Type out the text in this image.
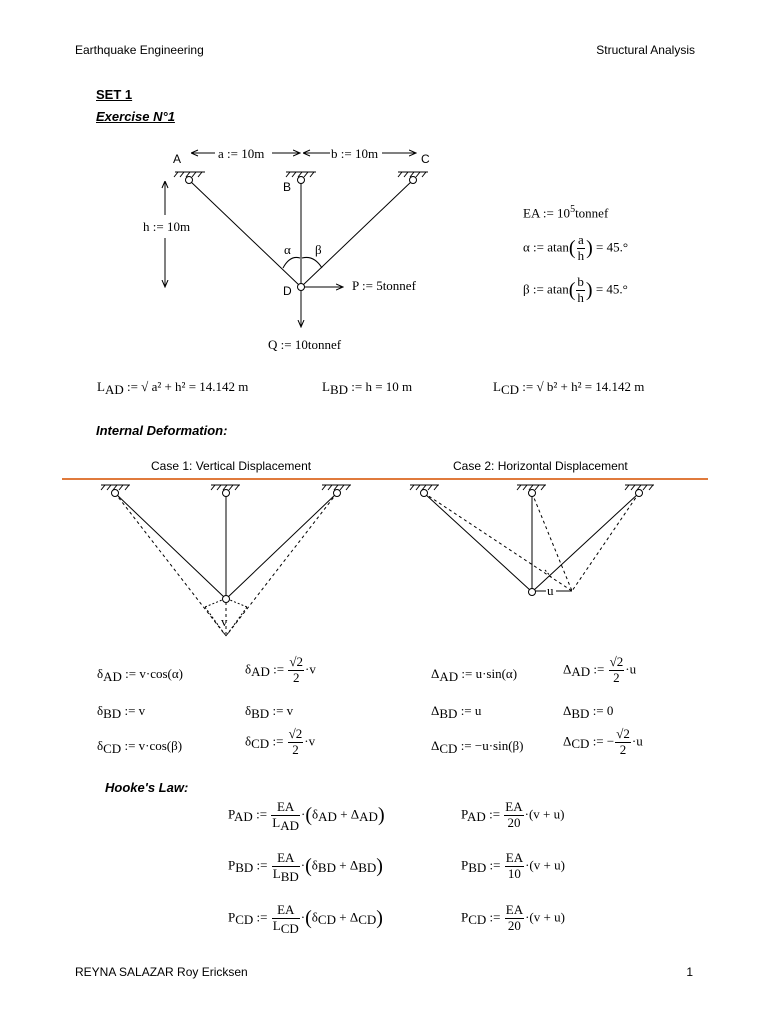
Earthquake Engineering	Structural Analysis
SET 1
Exercise N°1
A
B
C
D
a := 10m	b := 10m
h := 10m
α β
P := 5tonnef
Q := 10tonnef
EA := $10^5tonnef$
α := $atan( \frac{a}{h}$ ) = 45.°
β := $atan( \frac{b}{h}$ ) = 45.°
LAD := √ a² + h² = 14.142 m	LBD := h = 10 m	LCD := √ b² + h² = 14.142 m
Internal Deformation:
Case 1: Vertical Displacement	Case 2: Horizontal Displacement
v
u
δAD := v·cos(α)	δAD := $\frac{√2}{2} \cdot v$	ΔAD := u·sin(α)	ΔAD := $\frac{√2}{2} \cdot u$
δBD := v	δBD := v	ΔBD := u	ΔBD := 0
δCD := v·cos(β)	δCD := $\frac{√2}{2} \cdot v$	ΔCD := −u·sin(β)	ΔCD := − $\frac{√2}{2} \cdot u$
Hooke's Law:
PAD := $\frac{EA}{\text{LAD}} \cdot(\delta AD + \Delta AD)$	PAD := $\frac{EA}{20} \cdot(v + u)$
PBD := $\frac{EA}{\text{LBD}} \cdot(\delta BD + \Delta BD)$	PBD := $\frac{EA}{10} \cdot(v + u)$
PCD := $\frac{EA}{\text{LCD}} \cdot(\delta CD + \Delta CD)$	PCD := $\frac{EA}{20} \cdot(v + u)$
REYNA SALAZAR Roy Ericksen	1
